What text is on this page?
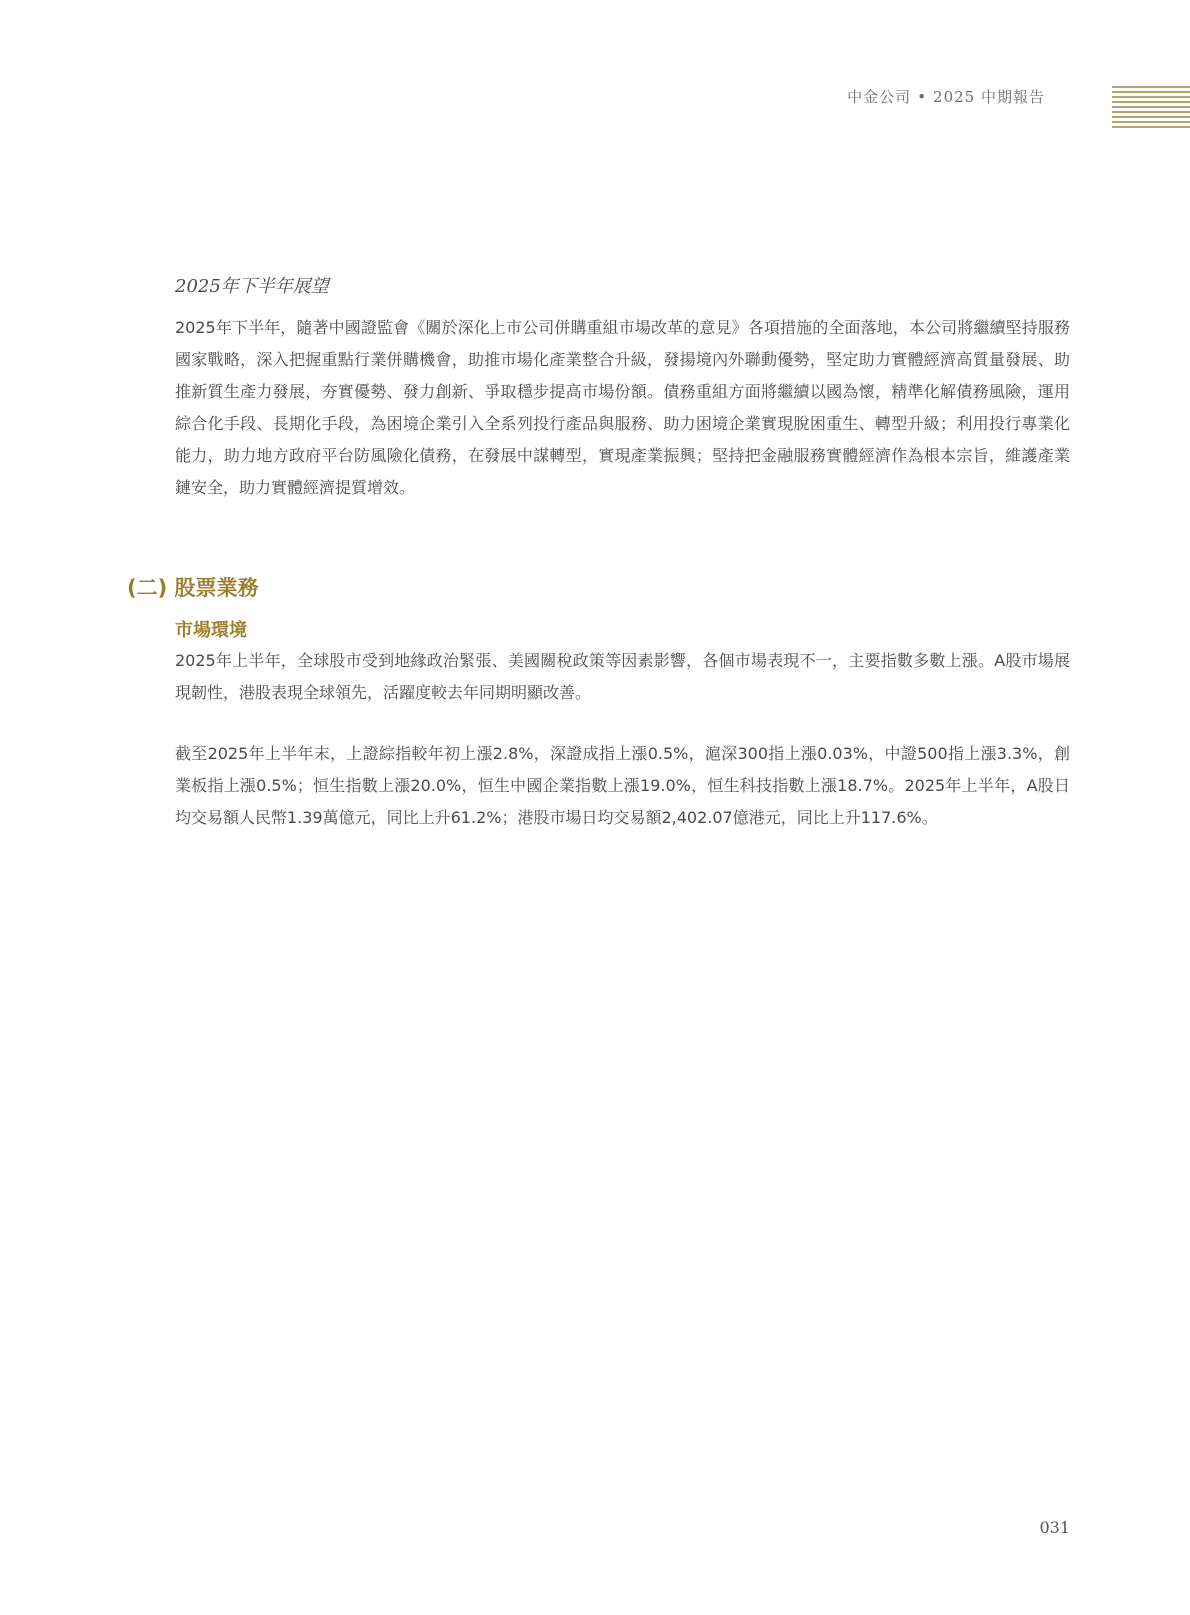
中金公司 • 2025 中期報告

2025年下半年展望

2025年下半年，隨著中國證監會《關於深化上市公司併購重組市場改革的意見》各項措施的全面落地，本公司將繼續堅持服務國家戰略，深入把握重點行業併購機會，助推市場化產業整合升級，發揚境內外聯動優勢，堅定助力實體經濟高質量發展、助推新質生產力發展，夯實優勢、發力創新、爭取穩步提高市場份額。債務重組方面將繼續以國為懷，精準化解債務風險，運用綜合化手段、長期化手段，為困境企業引入全系列投行產品與服務、助力困境企業實現脫困重生、轉型升級；利用投行專業化能力，助力地方政府平台防風險化債務，在發展中謀轉型，實現產業振興；堅持把金融服務實體經濟作為根本宗旨，維護產業鏈安全，助力實體經濟提質增效。

(二) 股票業務
市場環境

2025年上半年，全球股市受到地緣政治緊張、美國關稅政策等因素影響，各個市場表現不一，主要指數多數上漲。A股市場展現韌性，港股表現全球領先，活躍度較去年同期明顯改善。

截至2025年上半年末，上證綜指較年初上漲2.8%，深證成指上漲0.5%，滬深300指上漲0.03%，中證500指上漲3.3%，創業板指上漲0.5%；恒生指數上漲20.0%，恒生中國企業指數上漲19.0%，恒生科技指數上漲18.7%。2025年上半年，A股日均交易額人民幣1.39萬億元，同比上升61.2%；港股市場日均交易額2,402.07億港元，同比上升117.6%。

031
